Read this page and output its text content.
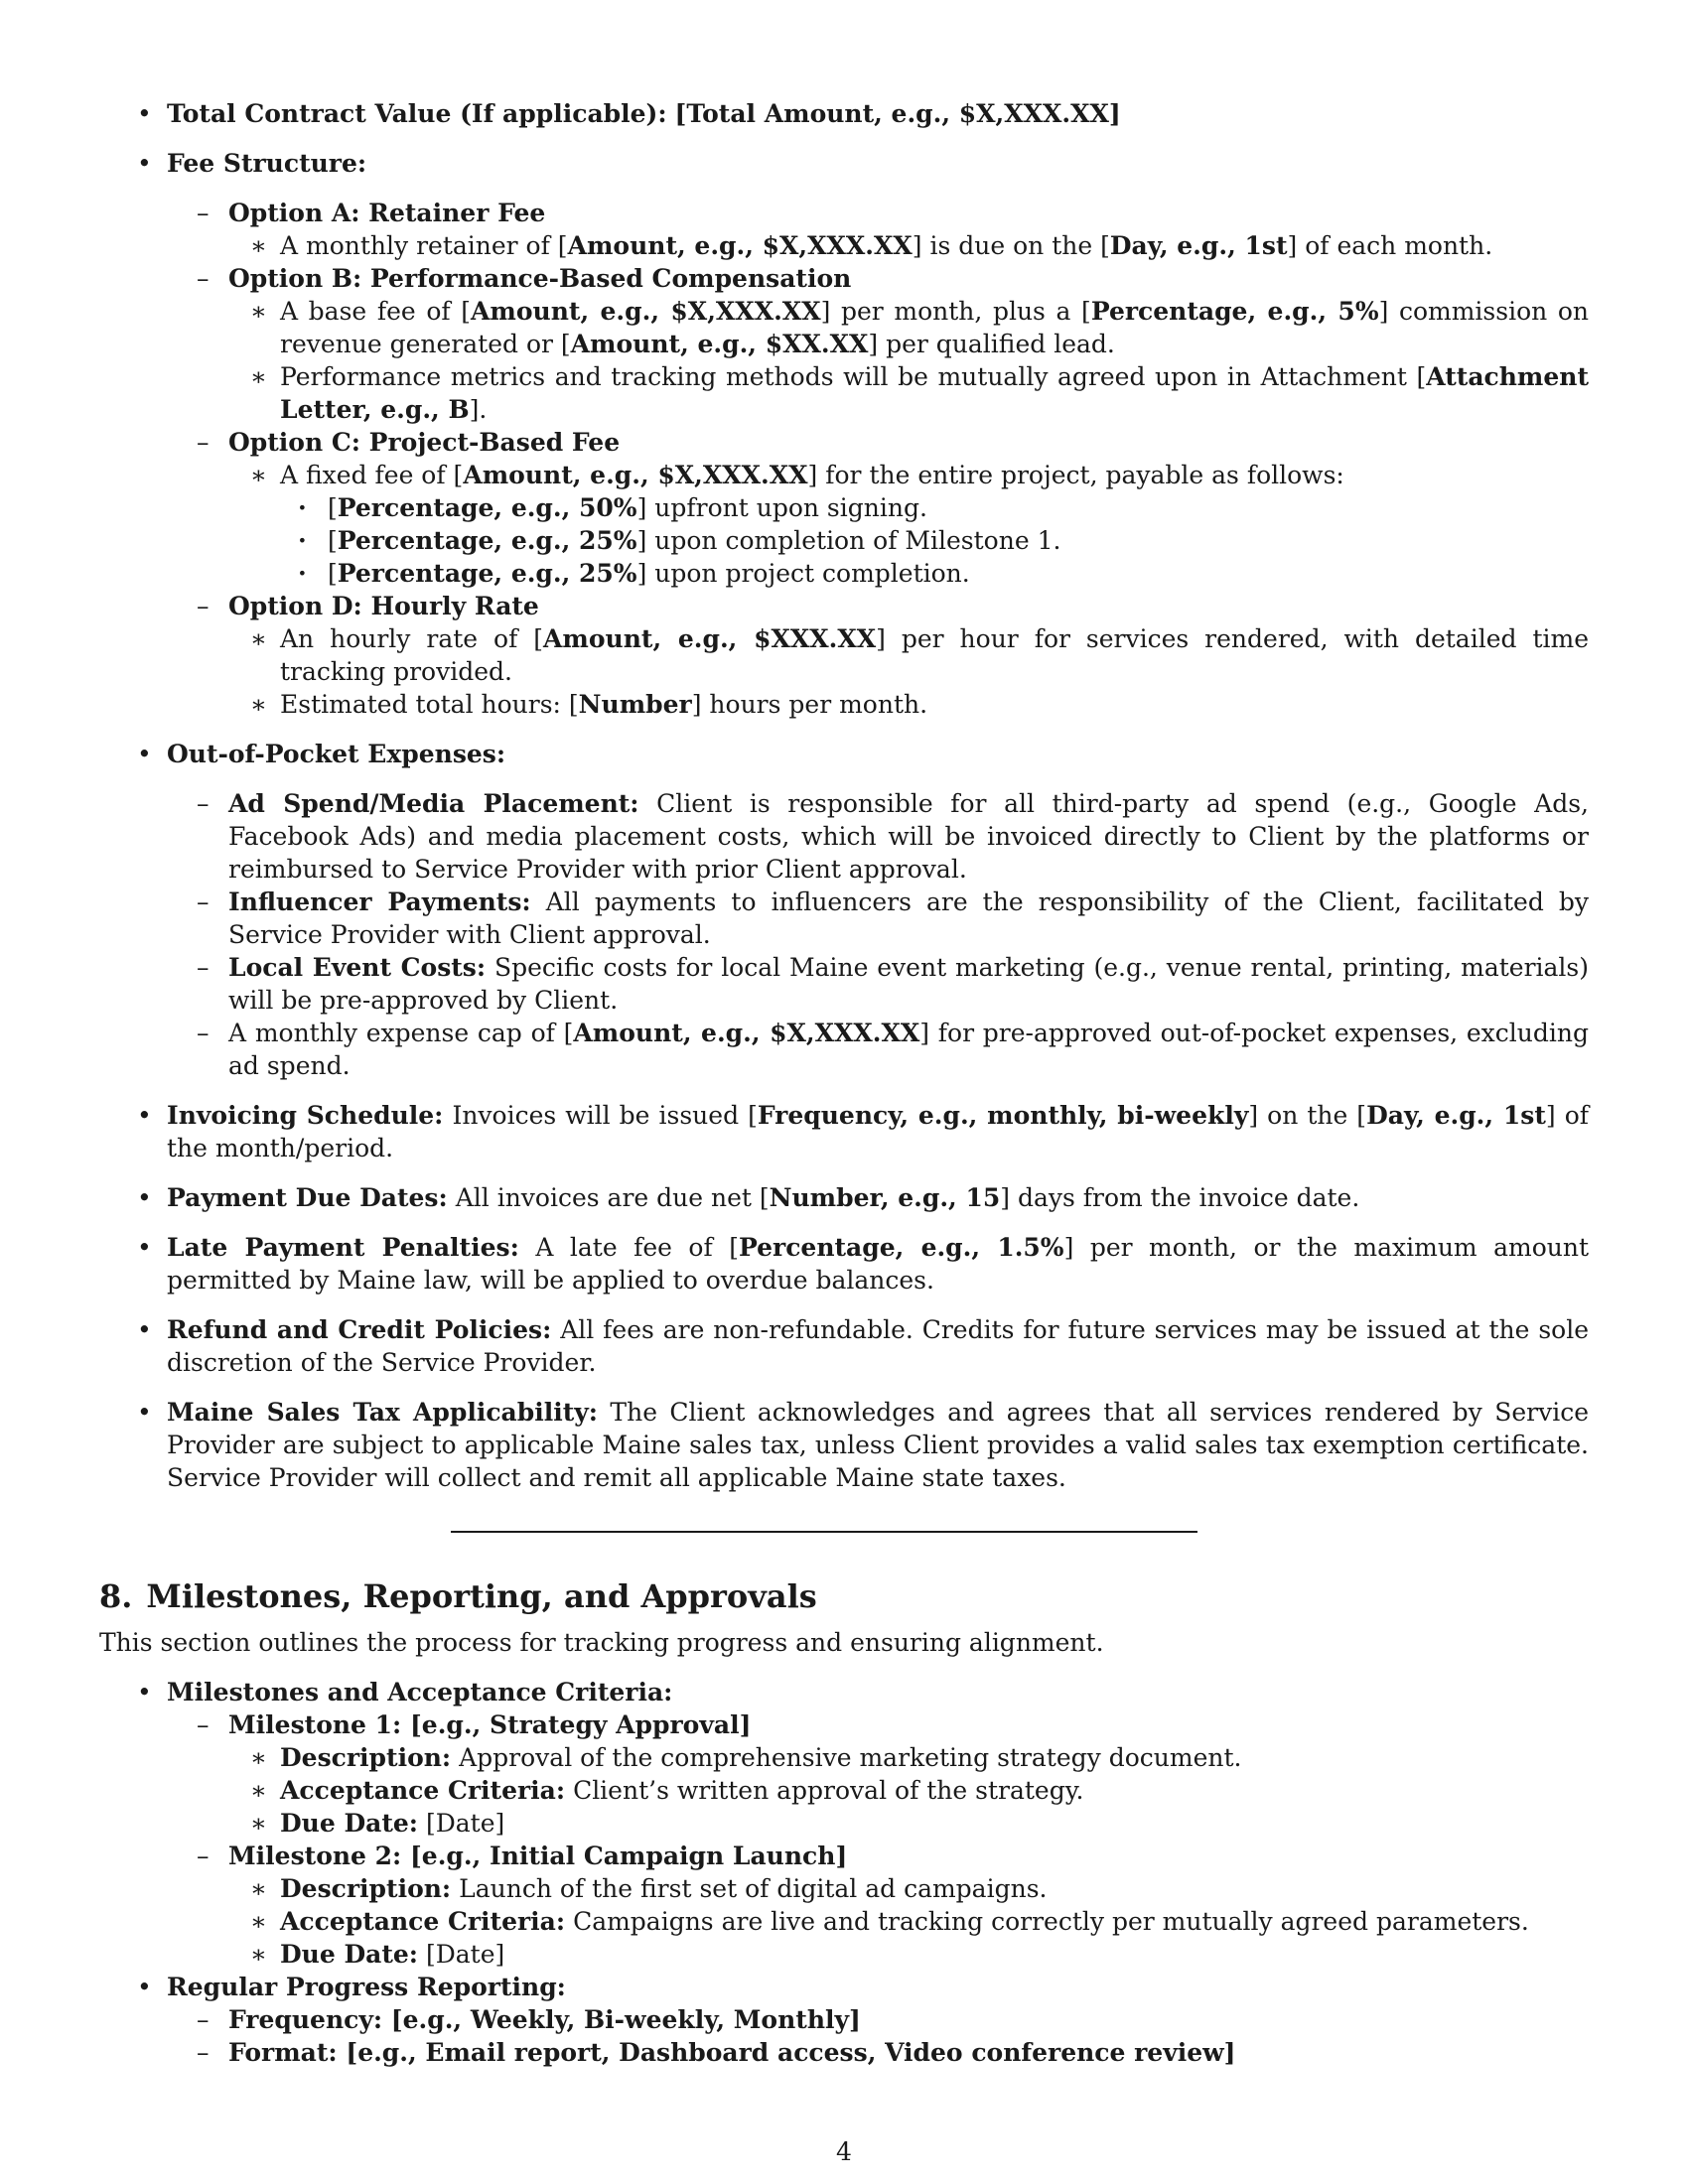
• Total Contract Value (If applicable): [Total Amount, e.g., $X,XXX.XX]

• Fee Structure:

– Option A: Retainer Fee

∗ A monthly retainer of [Amount, e.g., $X,XXX.XX] is due on the [Day, e.g., 1st] of each month.

– Option B: Performance-Based Compensation

∗ A base fee of [Amount, e.g., $X,XXX.XX] per month, plus a [Percentage, e.g., 5%] commission on revenue generated or [Amount, e.g., $XX.XX] per qualified lead.

∗ Performance metrics and tracking methods will be mutually agreed upon in Attachment [Attachment Letter, e.g., B].

– Option C: Project-Based Fee

∗ A fixed fee of [Amount, e.g., $X,XXX.XX] for the entire project, payable as follows:

· [Percentage, e.g., 50%] upfront upon signing.

· [Percentage, e.g., 25%] upon completion of Milestone 1.

· [Percentage, e.g., 25%] upon project completion.

– Option D: Hourly Rate

∗ An hourly rate of [Amount, e.g., $XXX.XX] per hour for services rendered, with detailed time tracking provided.

∗ Estimated total hours: [Number] hours per month.

• Out-of-Pocket Expenses:

– Ad Spend/Media Placement: Client is responsible for all third-party ad spend (e.g., Google Ads, Facebook Ads) and media placement costs, which will be invoiced directly to Client by the platforms or reimbursed to Service Provider with prior Client approval.

– Influencer Payments: All payments to influencers are the responsibility of the Client, facilitated by Service Provider with Client approval.

– Local Event Costs: Specific costs for local Maine event marketing (e.g., venue rental, printing, materials) will be pre-approved by Client.

– A monthly expense cap of [Amount, e.g., $X,XXX.XX] for pre-approved out-of-pocket expenses, excluding ad spend.

• Invoicing Schedule: Invoices will be issued [Frequency, e.g., monthly, bi-weekly] on the [Day, e.g., 1st] of the month/period.

• Payment Due Dates: All invoices are due net [Number, e.g., 15] days from the invoice date.

• Late Payment Penalties: A late fee of [Percentage, e.g., 1.5%] per month, or the maximum amount permitted by Maine law, will be applied to overdue balances.

• Refund and Credit Policies: All fees are non-refundable. Credits for future services may be issued at the sole discretion of the Service Provider.

• Maine Sales Tax Applicability: The Client acknowledges and agrees that all services rendered by Service Provider are subject to applicable Maine sales tax, unless Client provides a valid sales tax exemption certificate. Service Provider will collect and remit all applicable Maine state taxes.

8. Milestones, Reporting, and Approvals

This section outlines the process for tracking progress and ensuring alignment.

• Milestones and Acceptance Criteria:

– Milestone 1: [e.g., Strategy Approval]

∗ Description: Approval of the comprehensive marketing strategy document.

∗ Acceptance Criteria: Client’s written approval of the strategy.

∗ Due Date: [Date]

– Milestone 2: [e.g., Initial Campaign Launch]

∗ Description: Launch of the first set of digital ad campaigns.

∗ Acceptance Criteria: Campaigns are live and tracking correctly per mutually agreed parameters.

∗ Due Date: [Date]

• Regular Progress Reporting:

– Frequency: [e.g., Weekly, Bi-weekly, Monthly]

– Format: [e.g., Email report, Dashboard access, Video conference review]

4
